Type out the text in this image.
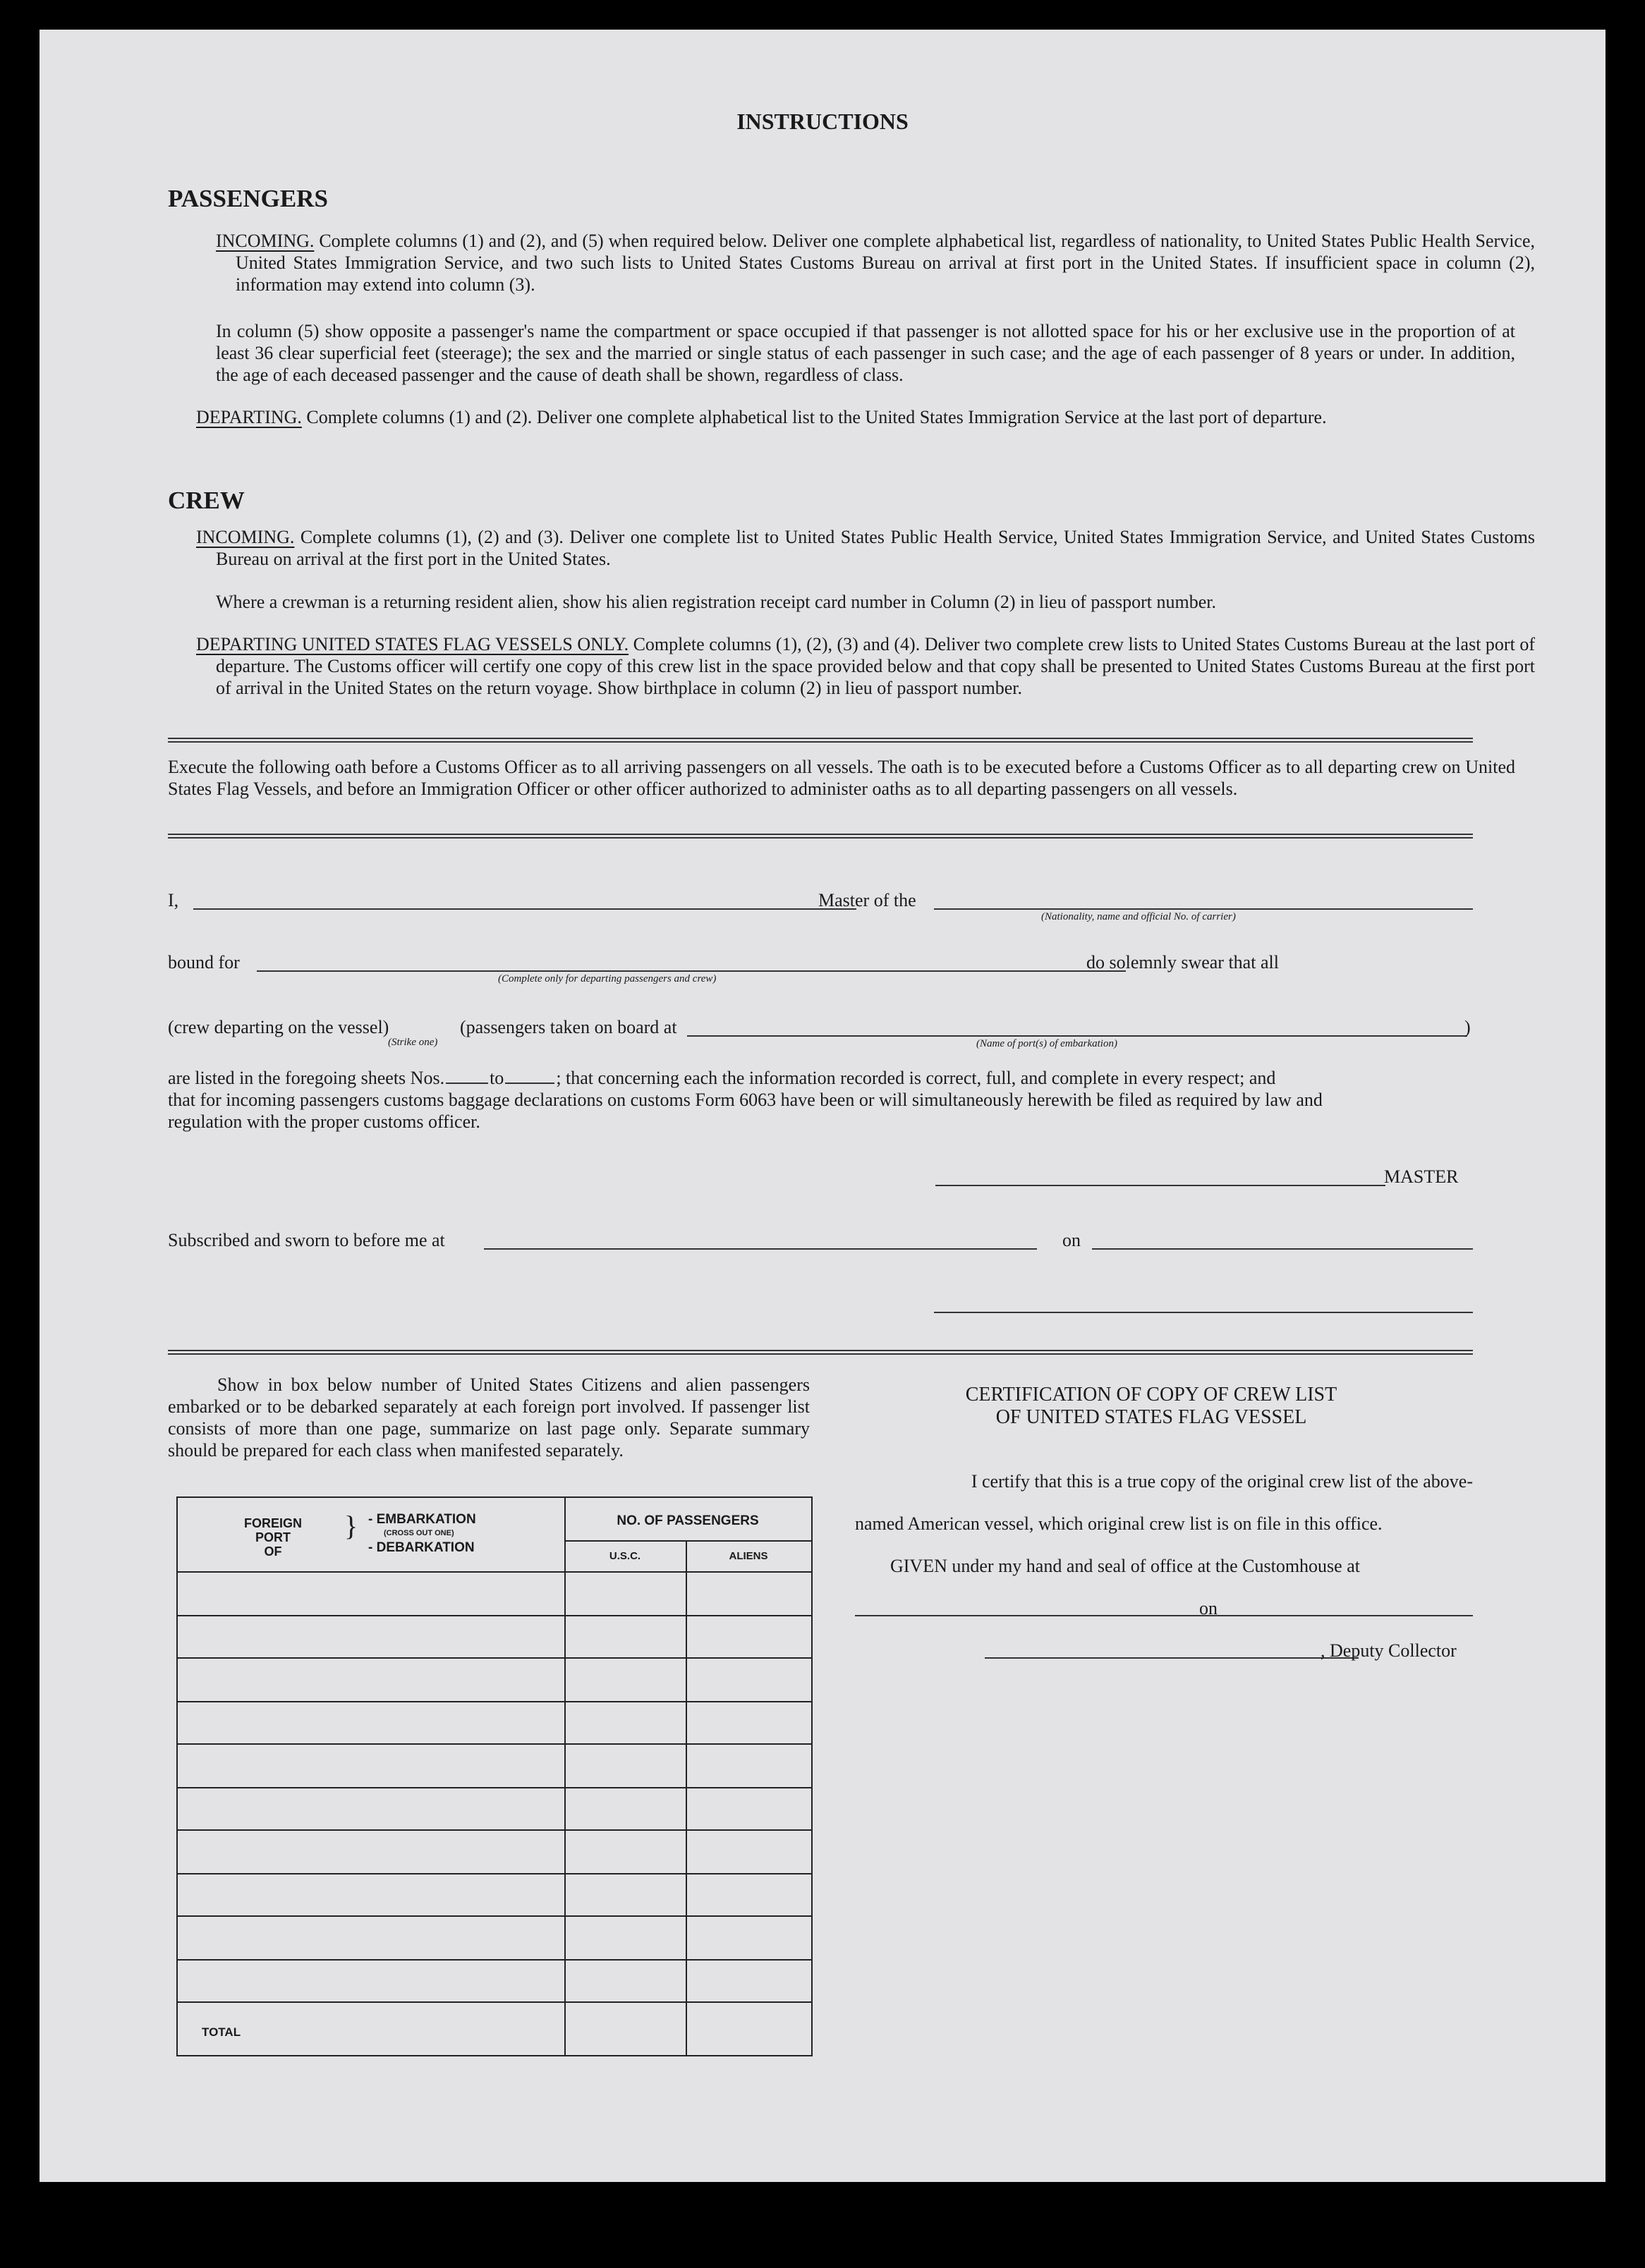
INSTRUCTIONS
PASSENGERS
INCOMING. Complete columns (1) and (2), and (5) when required below. Deliver one complete alphabetical list, regardless of nationality, to United States Public Health Service, United States Immigration Service, and two such lists to United States Customs Bureau on arrival at first port in the United States. If insufficient space in column (2), information may extend into column (3).
In column (5) show opposite a passenger's name the compartment or space occupied if that passenger is not allotted space for his or her exclusive use in the proportion of at least 36 clear superficial feet (steerage); the sex and the married or single status of each passenger in such case; and the age of each passenger of 8 years or under. In addition, the age of each deceased passenger and the cause of death shall be shown, regardless of class.
DEPARTING. Complete columns (1) and (2). Deliver one complete alphabetical list to the United States Immigration Service at the last port of departure.
CREW
INCOMING. Complete columns (1), (2) and (3). Deliver one complete list to United States Public Health Service, United States Immigration Service, and United States Customs Bureau on arrival at the first port in the United States.
Where a crewman is a returning resident alien, show his alien registration receipt card number in Column (2) in lieu of passport number.
DEPARTING UNITED STATES FLAG VESSELS ONLY. Complete columns (1), (2), (3) and (4). Deliver two complete crew lists to United States Customs Bureau at the last port of departure. The Customs officer will certify one copy of this crew list in the space provided below and that copy shall be presented to United States Customs Bureau at the first port of arrival in the United States on the return voyage. Show birthplace in column (2) in lieu of passport number.
Execute the following oath before a Customs Officer as to all arriving passengers on all vessels. The oath is to be executed before a Customs Officer as to all departing crew on United States Flag Vessels, and before an Immigration Officer or other officer authorized to administer oaths as to all departing passengers on all vessels.
I,	Master of the
(Nationality, name and official No. of carrier)
bound for
(Complete only for departing passengers and crew)
do solemnly swear that all
(crew departing on the vessel)
(Strike one)
(passengers taken on board at	)
(Name of port(s) of embarkation)
are listed in the foregoing sheets Nos. to	; that concerning each the information recorded is correct, full, and complete in every respect; and
that for incoming passengers customs baggage declarations on customs Form 6063 have been or will simultaneously herewith be filed as required by law and
regulation with the proper customs officer.
MASTER
Subscribed and sworn to before me at	on
Show in box below number of United States Citizens and alien passengers embarked or to be debarked separately at each foreign port involved. If passenger list consists of more than one page, summarize on last page only. Separate summary should be prepared for each class when manifested separately.
FOREIGN
PORT
OF
} - EMBARKATION
(CROSS OUT ONE)
- DEBARKATION
NO. OF PASSENGERS
U.S.C.	ALIENS
TOTAL
CERTIFICATION OF COPY OF CREW LIST
OF UNITED STATES FLAG VESSEL
I certify that this is a true copy of the original crew list of the above-
named American vessel, which original crew list is on file in this office.
GIVEN under my hand and seal of office at the Customhouse at
on
, Deputy Collector
